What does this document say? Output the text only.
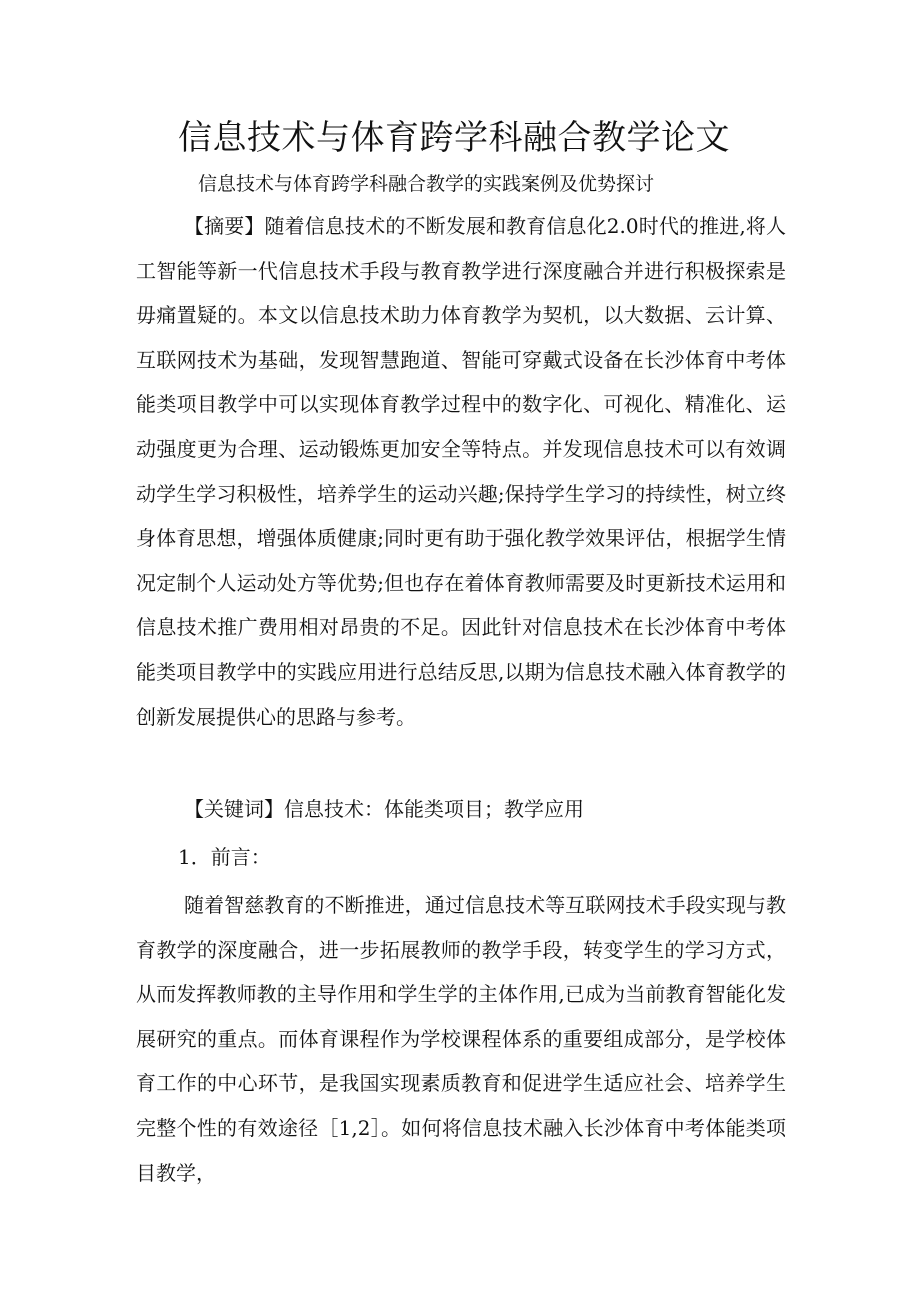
信息技术与体育跨学科融合教学论文

信息技术与体育跨学科融合教学的实践案例及优势探讨

【摘要】随着信息技术的不断发展和教育信息化2.0时代的推进,将人工智能等新一代信息技术手段与教育教学进行深度融合并进行积极探索是毋痛置疑的。本文以信息技术助力体育教学为契机，以大数据、云计算、互联网技术为基础，发现智慧跑道、智能可穿戴式设备在长沙体育中考体能类项目教学中可以实现体育教学过程中的数字化、可视化、精准化、运动强度更为合理、运动锻炼更加安全等特点。并发现信息技术可以有效调动学生学习积极性，培养学生的运动兴趣;保持学生学习的持续性，树立终身体育思想，增强体质健康;同时更有助于强化教学效果评估，根据学生情况定制个人运动处方等优势;但也存在着体育教师需要及时更新技术运用和信息技术推广费用相对昂贵的不足。因此针对信息技术在长沙体育中考体能类项目教学中的实践应用进行总结反思,以期为信息技术融入体育教学的创新发展提供心的思路与参考。

【关键词】信息技术：体能类项目；教学应用

1．前言：

随着智慈教育的不断推进，通过信息技术等互联网技术手段实现与教育教学的深度融合，进一步拓展教师的教学手段，转变学生的学习方式，从而发挥教师教的主导作用和学生学的主体作用,已成为当前教育智能化发展研究的重点。而体育课程作为学校课程体系的重要组成部分，是学校体育工作的中心环节，是我国实现素质教育和促进学生适应社会、培养学生完整个性的有效途径［1,2］。如何将信息技术融入长沙体育中考体能类项目教学，
